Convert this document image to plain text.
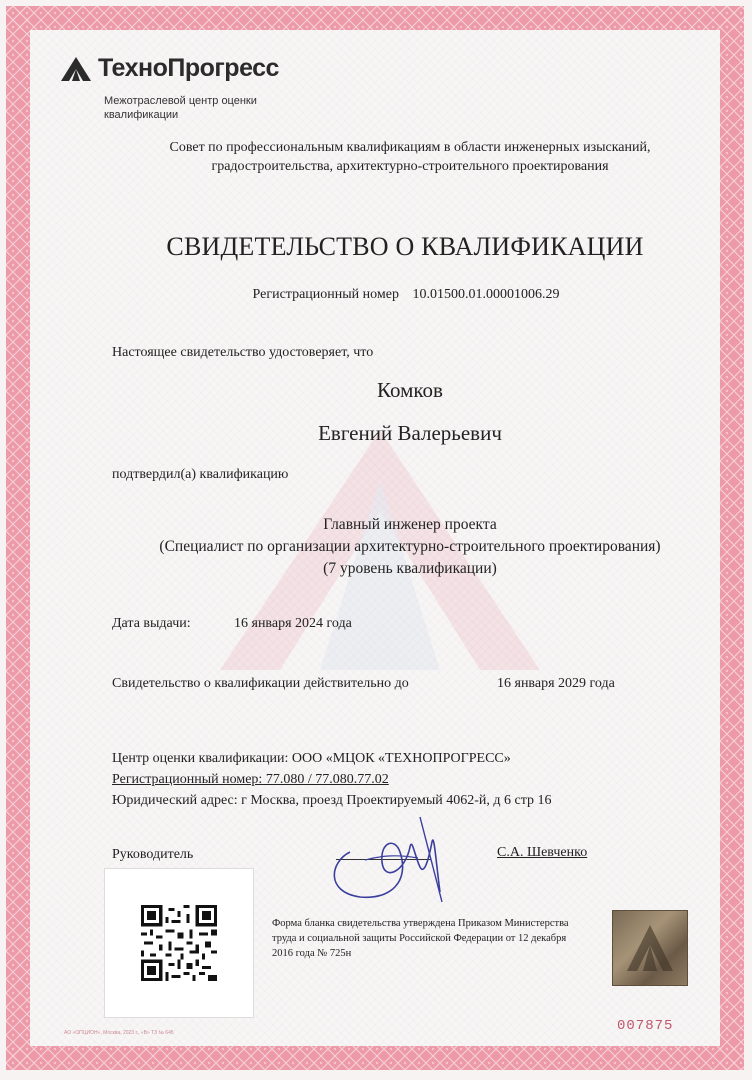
ТехноПрогресс
Межотраслевой центр оценки
квалификации
Совет по профессиональным квалификациям в области инженерных изысканий,
градостроительства, архитектурно-строительного проектирования
СВИДЕТЕЛЬСТВО О КВАЛИФИКАЦИИ
Регистрационный номер 10.01500.01.00001006.29
Настоящее свидетельство удостоверяет, что
Комков
Евгений Валерьевич
подтвердил(а) квалификацию
Главный инженер проекта
(Специалист по организации архитектурно-строительного проектирования)
(7 уровень квалификации)
Дата выдачи:	16 января 2024 года
Свидетельство о квалификации действительно до	16 января 2029 года
Центр оценки квалификации: ООО «МЦОК «ТЕХНОПРОГРЕСС»
Регистрационный номер: 77.080 / 77.080.77.02
Юридический адрес: г Москва, проезд Проектируемый 4062-й, д 6 стр 16
Руководитель	С.А. Шевченко
Форма бланка свидетельства утверждена Приказом Министерства
труда и социальной защиты Российской Федерации от 12 декабря
2016 года № 725н
007875
АО «ОПЦИОН», Москва, 2023 г., «В» ТЗ № 645
